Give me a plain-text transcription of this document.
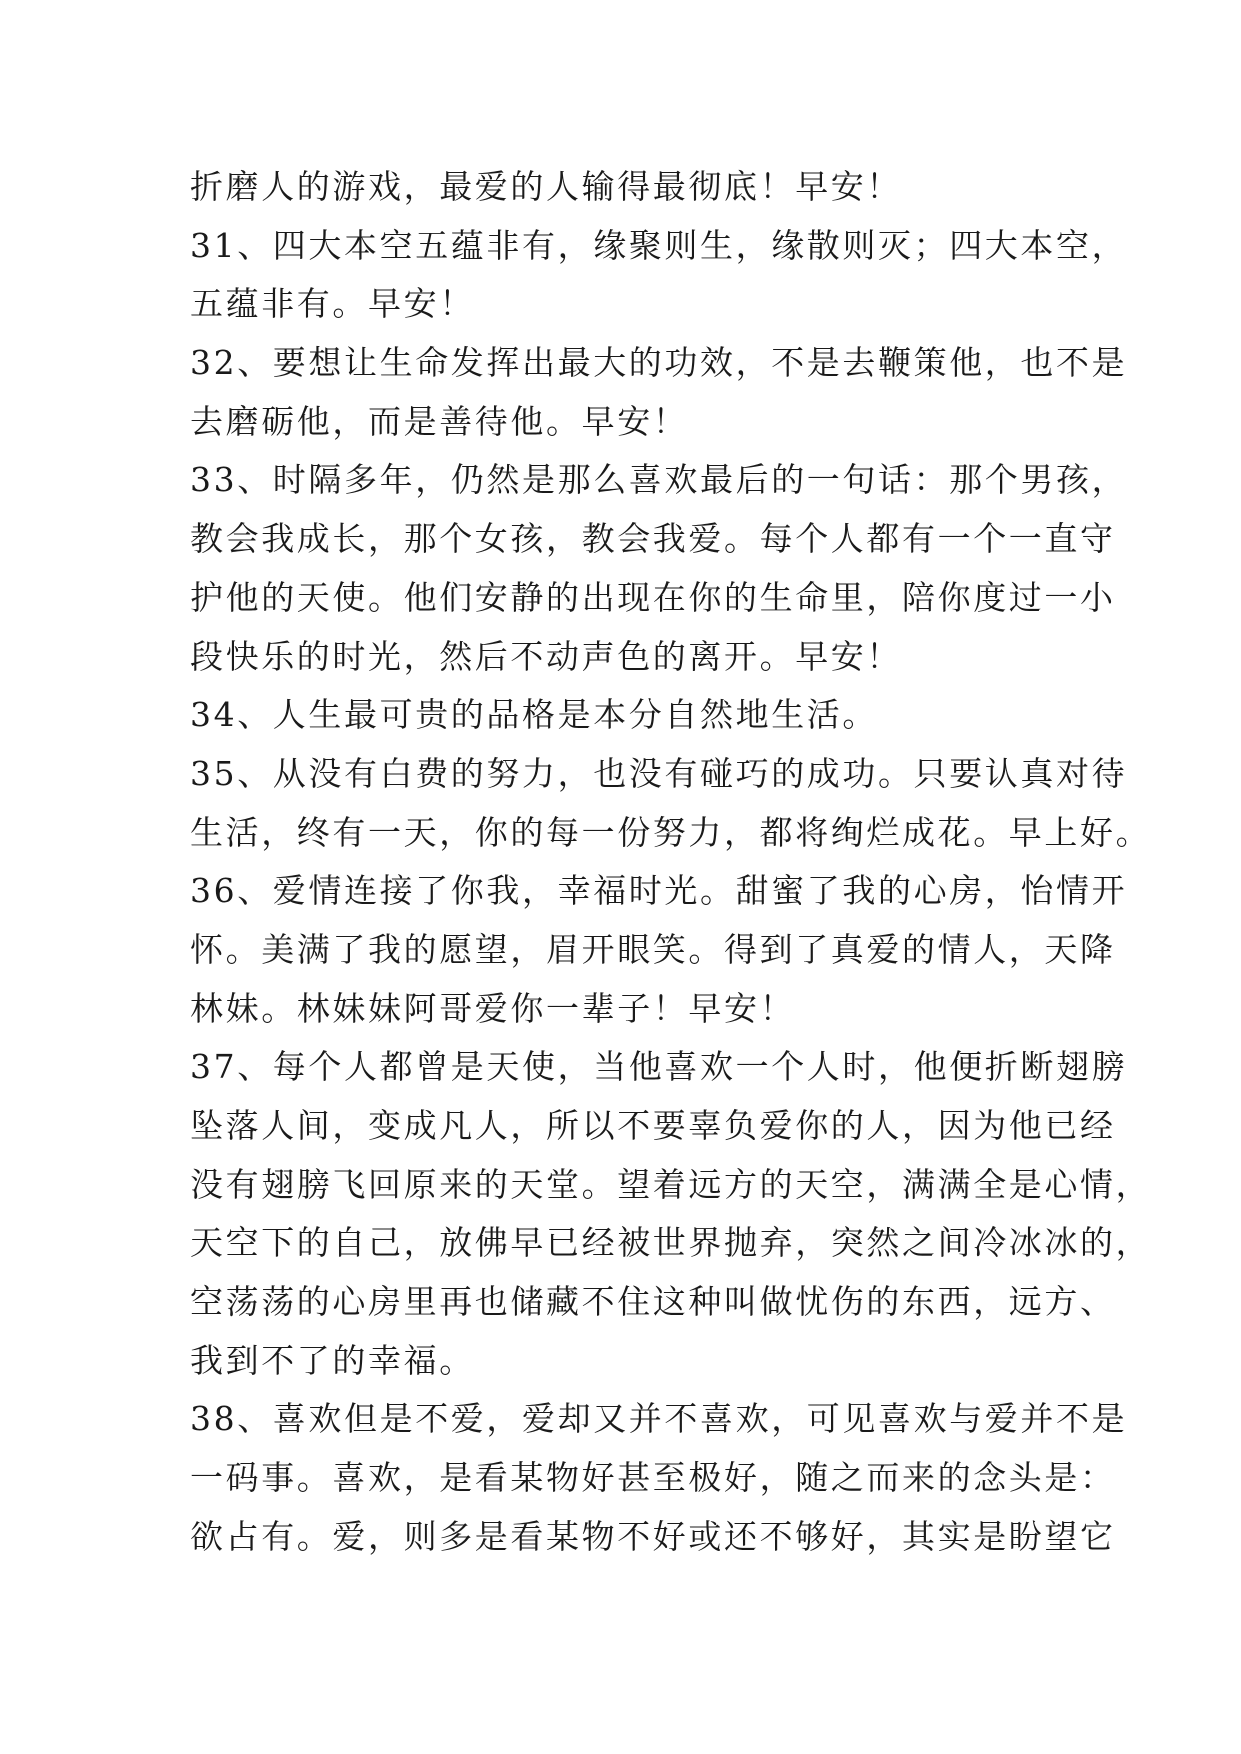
折磨人的游戏，最爱的人输得最彻底！早安！
31、四大本空五蕴非有，缘聚则生，缘散则灭；四大本空，
五蕴非有。早安！
32、要想让生命发挥出最大的功效，不是去鞭策他，也不是
去磨砺他，而是善待他。早安！
33、时隔多年，仍然是那么喜欢最后的一句话：那个男孩，
教会我成长，那个女孩，教会我爱。每个人都有一个一直守
护他的天使。他们安静的出现在你的生命里，陪你度过一小
段快乐的时光，然后不动声色的离开。早安！
34、人生最可贵的品格是本分自然地生活。
35、从没有白费的努力，也没有碰巧的成功。只要认真对待
生活，终有一天，你的每一份努力，都将绚烂成花。早上好。
36、爱情连接了你我，幸福时光。甜蜜了我的心房，怡情开
怀。美满了我的愿望，眉开眼笑。得到了真爱的情人，天降
林妹。林妹妹阿哥爱你一辈子！早安！
37、每个人都曾是天使，当他喜欢一个人时，他便折断翅膀
坠落人间，变成凡人，所以不要辜负爱你的人，因为他已经
没有翅膀飞回原来的天堂。望着远方的天空，满满全是心情，
天空下的自己，放佛早已经被世界抛弃，突然之间冷冰冰的，
空荡荡的心房里再也储藏不住这种叫做忧伤的东西，远方、
我到不了的幸福。
38、喜欢但是不爱，爱却又并不喜欢，可见喜欢与爱并不是
一码事。喜欢，是看某物好甚至极好，随之而来的念头是：
欲占有。爱，则多是看某物不好或还不够好，其实是盼望它
